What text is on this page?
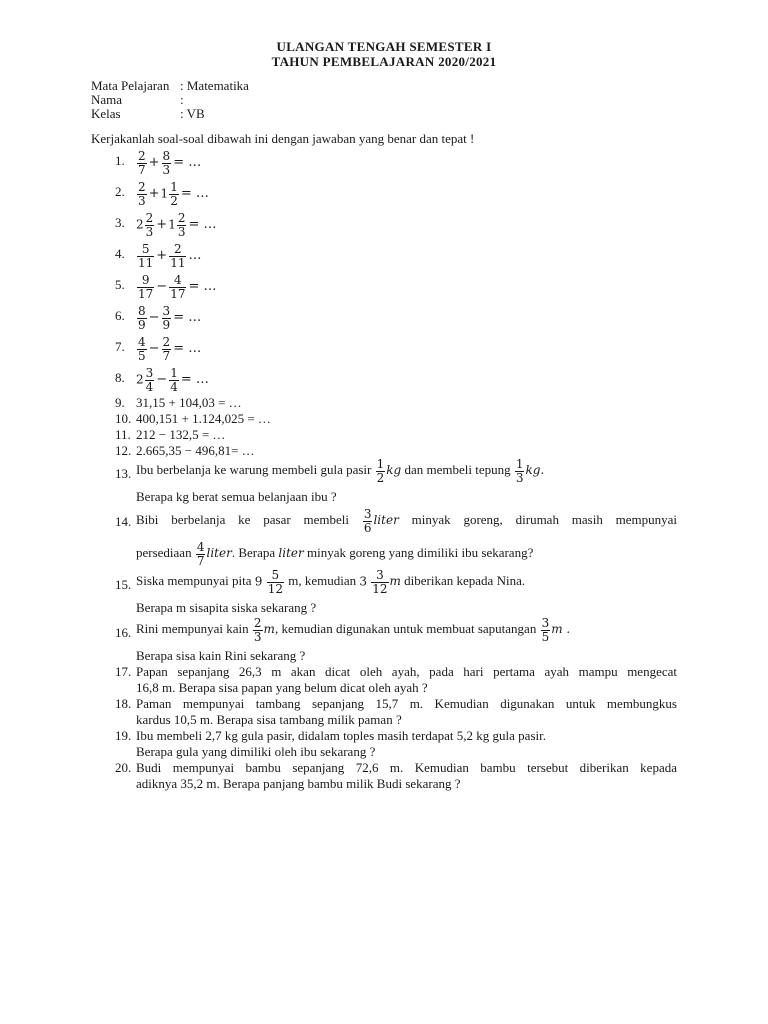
ULANGAN TENGAH SEMESTER I
TAHUN PEMBELAJARAN 2020/2021
Mata Pelajaran : Matematika
Nama	:
Kelas	: VB
Kerjakanlah soal-soal dibawah ini dengan jawaban yang benar dan tepat !
1. $\frac{2}{7} + \frac{8}{3}$ = …
2. $\frac{2}{3} +1 \frac{1}{2}$ = …
3. $2 \frac{2}{3} +1 \frac{2}{3}$ = …
4. $\frac{5}{11} + \frac{2}{11}$ …
5. $\frac{9}{17} - \frac{4}{17}$ = …
6. $\frac{8}{9} - \frac{3}{9}$ = …
7. $\frac{4}{5} - \frac{2}{7}$ = …
8. $2 \frac{3}{4} - \frac{1}{4}$ = …
9. 31,15 + 104,03 = …
10. 400,151 + 1.124,025 = …
11. 212 − 132,5 = …
12. 2.665,35 − 496,81= …
13. Ibu berbelanja ke warung membeli gula pasir $\frac{1}{2}$ kg dan membeli tepung $\frac{1}{3}$ kg.
Berapa kg berat semua belanjaan ibu ?
14. Bibi berbelanja ke pasar membeli $\frac{3}{6}$ liter minyak goreng, dirumah masih mempunyai
persediaan $\frac{4}{7}$ liter. Berapa liter minyak goreng yang dimiliki ibu sekarang?
15. Siska mempunyai pita $9 \frac{5}{12} m$, kemudian $3 \frac{3}{12}$ m diberikan kepada Nina.
Berapa m sisapita siska sekarang ?
16. Rini mempunyai kain $\frac{2}{3} m$, kemudian digunakan untuk membuat saputangan $\frac{3}{5}$ m .
Berapa sisa kain Rini sekarang ?
17. Papan sepanjang 26,3 m akan dicat oleh ayah, pada hari pertama ayah mampu mengecat
16,8 m. Berapa sisa papan yang belum dicat oleh ayah ?
18. Paman mempunyai tambang sepanjang 15,7 m. Kemudian digunakan untuk membungkus
kardus 10,5 m. Berapa sisa tambang milik paman ?
19. Ibu membeli 2,7 kg gula pasir, didalam toples masih terdapat 5,2 kg gula pasir.
Berapa gula yang dimiliki oleh ibu sekarang ?
20. Budi mempunyai bambu sepanjang 72,6 m. Kemudian bambu tersebut diberikan kepada
adiknya 35,2 m. Berapa panjang bambu milik Budi sekarang ?
